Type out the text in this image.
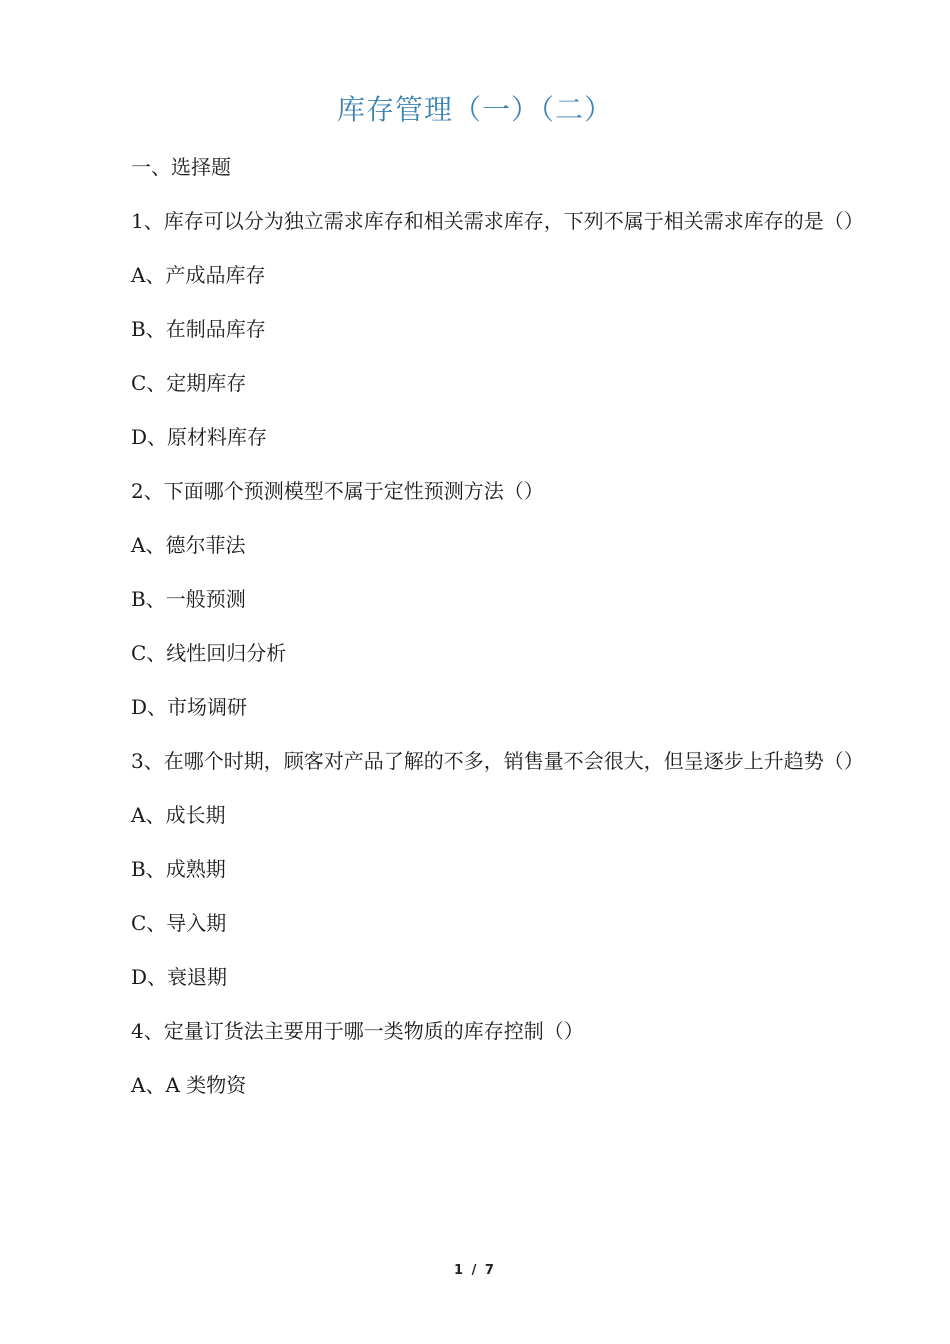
库存管理（一）（二）

一、选择题

1、库存可以分为独立需求库存和相关需求库存，下列不属于相关需求库存的是（）

A、产成品库存

B、在制品库存

C、定期库存

D、原材料库存

2、下面哪个预测模型不属于定性预测方法（）

A、德尔菲法

B、一般预测

C、线性回归分析

D、市场调研

3、在哪个时期，顾客对产品了解的不多，销售量不会很大，但呈逐步上升趋势（）

A、成长期

B、成熟期

C、导入期

D、衰退期

4、定量订货法主要用于哪一类物质的库存控制（）

A、A 类物资

1 / 7
